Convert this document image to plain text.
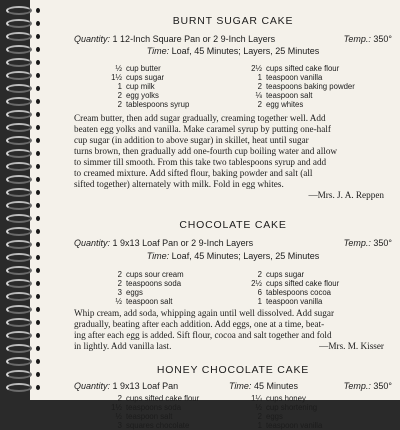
BURNT SUGAR CAKE
Quantity: 1 12-Inch Square Pan or 2 9-Inch Layers	Temp.: 350°
Time: Loaf, 45 Minutes; Layers, 25 Minutes
½ cup butter
1½ cups sugar
1 cup milk
2 egg yolks
2 tablespoons syrup
2½ cups sifted cake flour
1 teaspoon vanilla
2 teaspoons baking powder
⅛ teaspoon salt
2 egg whites
Cream butter, then add sugar gradually, creaming together well. Add
beaten egg yolks and vanilla. Make caramel syrup by putting one-half
cup sugar (in addition to above sugar) in skillet, heat until sugar
turns brown, then gradually add one-fourth cup boiling water and allow
to simmer till smooth. From this take two tablespoons syrup and add
to creamed mixture. Add sifted flour, baking powder and salt (all
sifted together) alternately with milk. Fold in egg whites.
—Mrs. J. A. Reppen
CHOCOLATE CAKE
Quantity: 1 9x13 Loaf Pan or 2 9-Inch Layers	Temp.: 350°
Time: Loaf, 45 Minutes; Layers, 25 Minutes
2 cups sour cream
2 teaspoons soda
3 eggs
½ teaspoon salt
2 cups sugar
2½ cups sifted cake flour
6 tablespoons cocoa
1 teaspoon vanilla
Whip cream, add soda, whipping again until well dissolved. Add sugar
gradually, beating after each addition. Add eggs, one at a time, beat-
ing after each egg is added. Sift flour, cocoa and salt together and fold
in lightly. Add vanilla last.	—Mrs. M. Kisser
HONEY CHOCOLATE CAKE
Quantity: 1 9x13 Loaf Pan	Time: 45 Minutes	Temp.: 350°
2 cups sifted cake flour
1½ teaspoons soda
½ teaspoon salt
3 squares chocolate
1¼ cups honey
½ cup shortening
2 eggs
1 teaspoon vanilla
